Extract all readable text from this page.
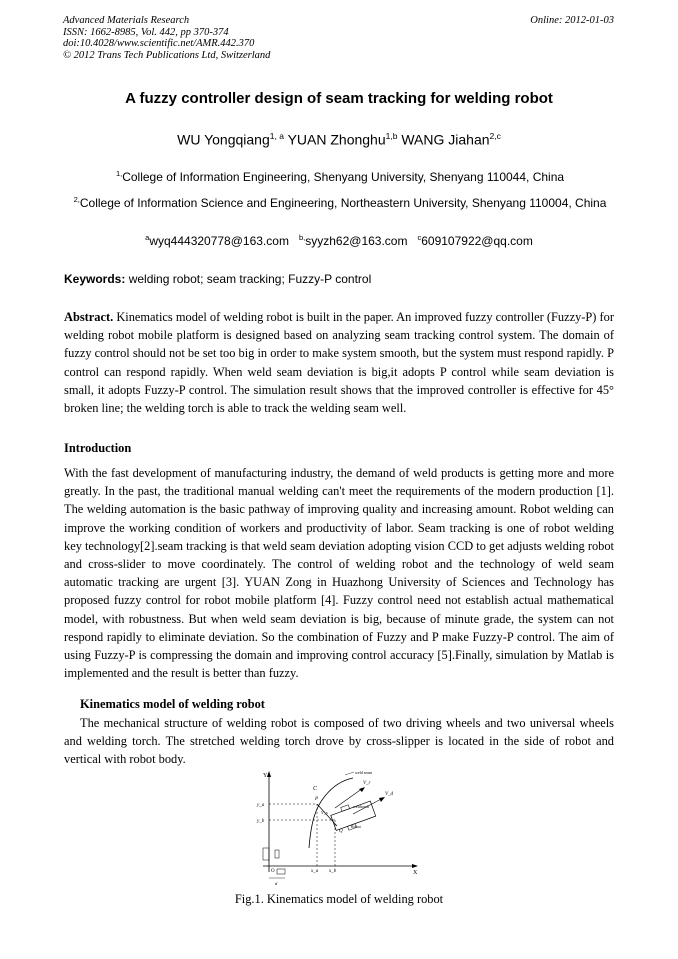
Advanced Materials Research
ISSN: 1662-8985, Vol. 442, pp 370-374
doi:10.4028/www.scientific.net/AMR.442.370
© 2012 Trans Tech Publications Ltd, Switzerland
Online: 2012-01-03
A fuzzy controller design of seam tracking for welding robot
WU Yongqiang$^{1, a}$ YUAN Zhonghu$^{1,b}$ WANG Jiahan$^{2,c}$
$^{1,}$College of Information Engineering, Shenyang University, Shenyang 110044, China
$^{2,}$College of Information Science and Engineering, Northeastern University, Shenyang 110004, China
$^a$wyq444320778@163.com $^{b,}$syyzh62@163.com $^c$609107922@qq.com
Keywords: welding robot; seam tracking; Fuzzy-P control
Abstract. Kinematics model of welding robot is built in the paper. An improved fuzzy controller (Fuzzy-P) for welding robot mobile platform is designed based on analyzing seam tracking control system. The domain of fuzzy control should not be set too big in order to make system smooth, but the system must respond rapidly. P control can respond rapidly. When weld seam deviation is big,it adopts P control while seam deviation is small, it adopts Fuzzy-P control. The simulation result shows that the improved controller is effective for 45° broken line; the welding torch is able to track the welding seam well.
Introduction
With the fast development of manufacturing industry, the demand of weld products is getting more and more greatly. In the past, the traditional manual welding can't meet the requirements of the modern production [1]. The welding automation is the basic pathway of improving quality and increasing amount. Robot welding can improve the working condition of workers and productivity of labor. Seam tracking is one of robot welding key technology[2].seam tracking is that weld seam deviation adopting vision CCD to get adjusts welding robot and cross-slider to move coordinately. The control of welding robot and the technology of weld seam automatic tracking are urgent [3]. YUAN Zong in Huazhong University of Sciences and Technology has proposed fuzzy control for robot mobile platform [4]. Fuzzy control need not establish actual mathematical model, with robustness. But when weld seam deviation is big, because of minute grade, the system can not respond rapidly to eliminate deviation. So the combination of Fuzzy and P make Fuzzy-P control. The aim of using Fuzzy-P is compressing the domain and improving control accuracy [5].Finally, simulation by Matlab is implemented and the result is better than fuzzy.
Kinematics model of welding robot
The mechanical structure of welding robot is composed of two driving wheels and two universal wheels and welding torch. The stretched welding torch drove by cross-slipper is located in the side of robot and vertical with robot body.
Y
X
O
weld seam
C
y_a
y_b
x_a x_b
weldtorch
Robot
V_r
V_d
V_s
P
Q
d
Fig.1. Kinematics model of welding robot
